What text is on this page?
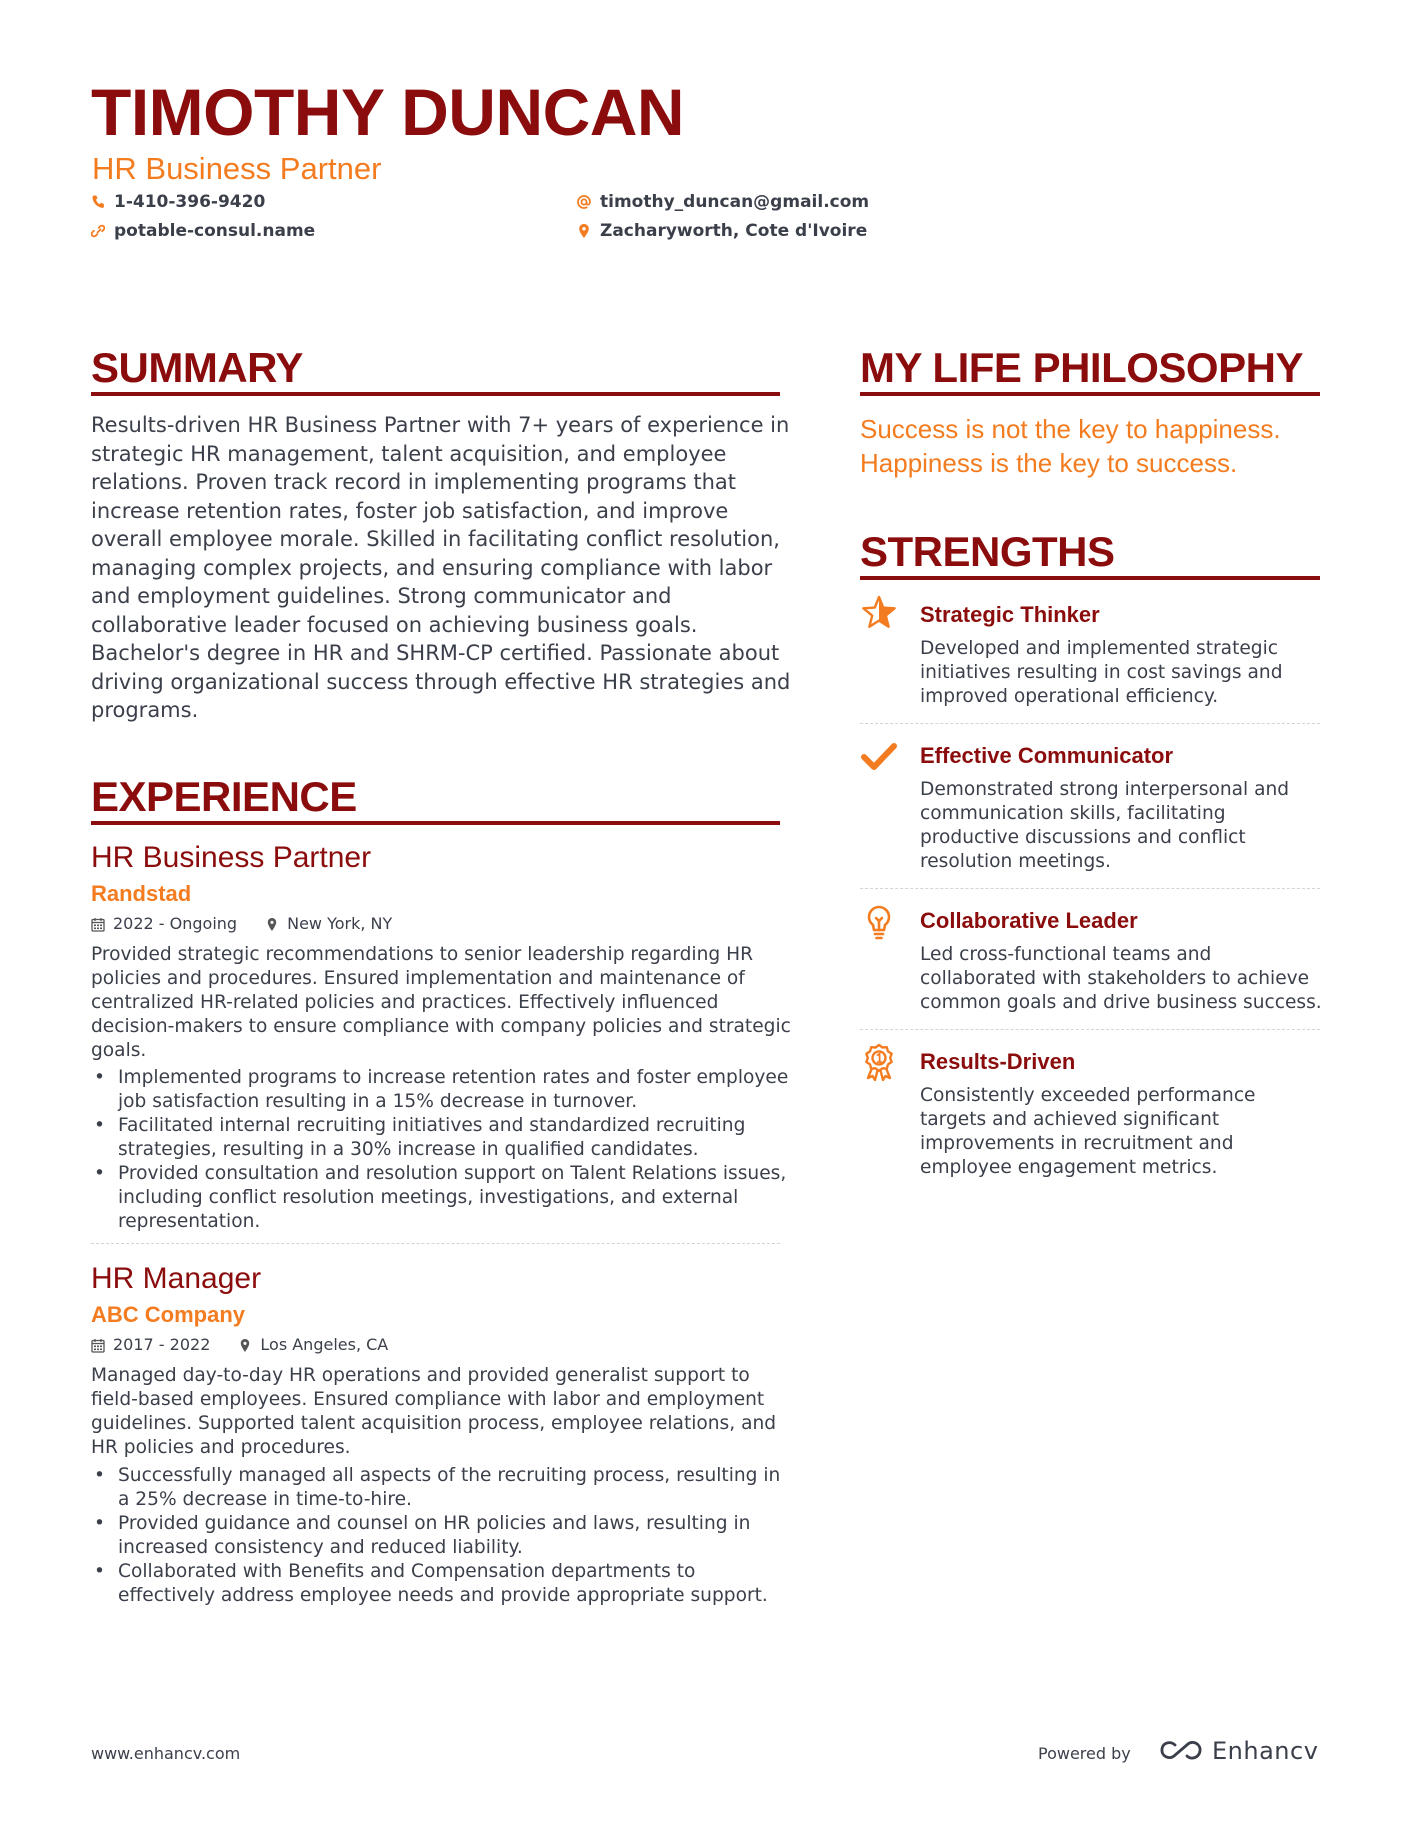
TIMOTHY DUNCAN
HR Business Partner
1-410-396-9420
potable-consul.name
timothy_duncan@gmail.com
Zacharyworth, Cote d'Ivoire
SUMMARY

Results-driven HR Business Partner with 7+ years of experience in strategic HR management, talent acquisition, and employee relations. Proven track record in implementing programs that increase retention rates, foster job satisfaction, and improve overall employee morale. Skilled in facilitating conflict resolution, managing complex projects, and ensuring compliance with labor and employment guidelines. Strong communicator and collaborative leader focused on achieving business goals. Bachelor's degree in HR and SHRM-CP certified. Passionate about driving organizational success through effective HR strategies and programs.

EXPERIENCE
HR Business Partner
Randstad
2022 - Ongoing	New York, NY

Provided strategic recommendations to senior leadership regarding HR policies and procedures. Ensured implementation and maintenance of centralized HR-related policies and practices. Effectively influenced decision-makers to ensure compliance with company policies and strategic goals.

• Implemented programs to increase retention rates and foster employee job satisfaction resulting in a 15% decrease in turnover.
• Facilitated internal recruiting initiatives and standardized recruiting strategies, resulting in a 30% increase in qualified candidates.
• Provided consultation and resolution support on Talent Relations issues, including conflict resolution meetings, investigations, and external representation.
HR Manager
ABC Company
2017 - 2022	Los Angeles, CA

Managed day-to-day HR operations and provided generalist support to field-based employees. Ensured compliance with labor and employment guidelines. Supported talent acquisition process, employee relations, and HR policies and procedures.

• Successfully managed all aspects of the recruiting process, resulting in a 25% decrease in time-to-hire.
• Provided guidance and counsel on HR policies and laws, resulting in increased consistency and reduced liability.
• Collaborated with Benefits and Compensation departments to effectively address employee needs and provide appropriate support.
MY LIFE PHILOSOPHY

Success is not the key to happiness. Happiness is the key to success.

STRENGTHS
Strategic Thinker

Developed and implemented strategic initiatives resulting in cost savings and improved operational efficiency.

Effective Communicator

Demonstrated strong interpersonal and communication skills, facilitating productive discussions and conflict resolution meetings.

Collaborative Leader

Led cross-functional teams and collaborated with stakeholders to achieve common goals and drive business success.

Results-Driven

Consistently exceeded performance targets and achieved significant improvements in recruitment and employee engagement metrics.

www.enhancv.com	Powered by	Enhancv
